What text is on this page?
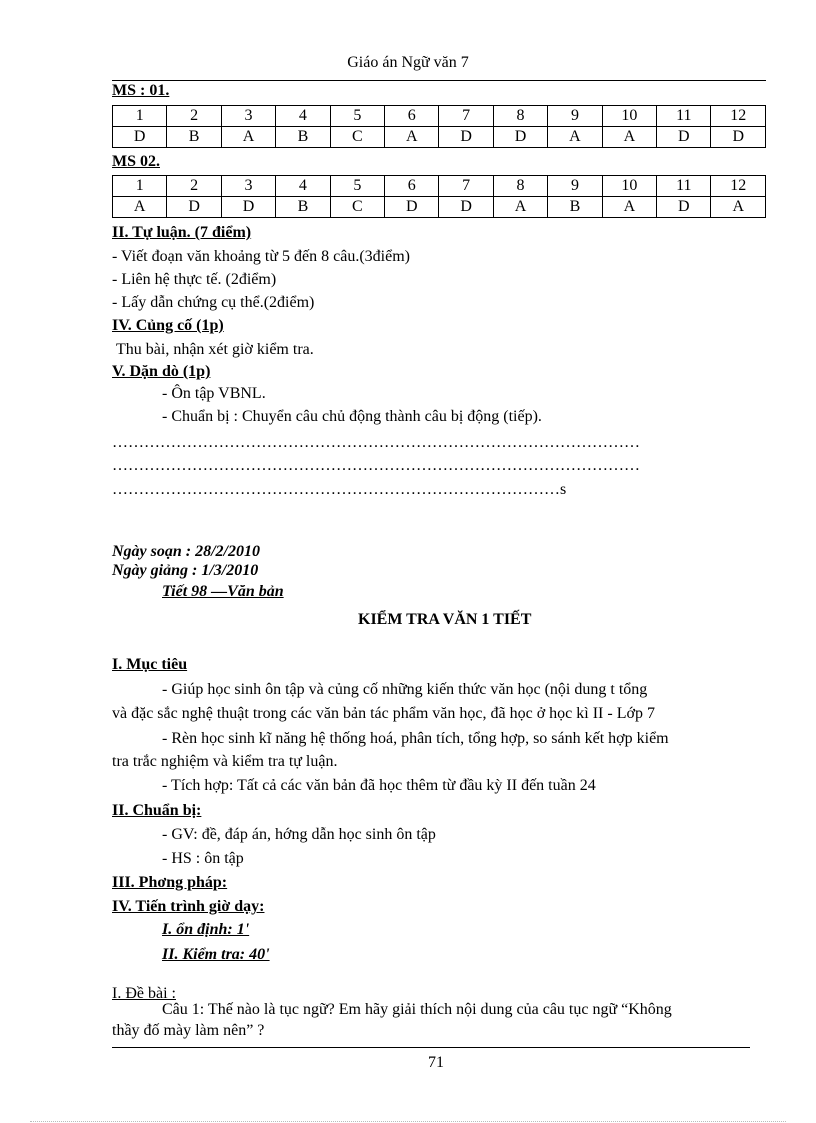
Giáo án Ngữ văn 7
MS : 01.
1	2	3	4	5	6	7	8	9	10	11	12
D	B	A	B	C	A	D	D	A	A	D	D
MS 02.
1	2	3	4	5	6	7	8	9	10	11	12
A	D	D	B	C	D	D	A	B	A	D	A
II. Tự luận. (7 điểm)
- Viết đoạn văn khoảng từ 5 đến 8 câu.(3điểm)
- Liên hệ thực tế. (2điểm)
- Lấy dẫn chứng cụ thể.(2điểm)
IV. Củng cố (1p)
Thu bài, nhận xét giờ kiểm tra.
V. Dặn dò (1p)
- Ôn tập VBNL.
- Chuẩn bị : Chuyển câu chủ động thành câu bị động (tiếp).
………………………………………………………………………………………
………………………………………………………………………………………
…………………………………………………………………………s
Ngày soạn : 28/2/2010
Ngày giảng : 1/3/2010
Tiết 98 —Văn bản
KIỂM TRA VĂN 1 TIẾT
I. Mục tiêu
- Giúp học sinh ôn tập và củng cố những kiến thức văn học (nội dung t tổng
và đặc sắc nghệ thuật trong các văn bản tác phẩm văn học, đã học ở học kì II - Lớp 7
- Rèn học sinh kĩ năng hệ thống hoá, phân tích, tổng hợp, so sánh kết hợp kiểm
tra trắc nghiệm và kiểm tra tự luận.
- Tích hợp: Tất cả các văn bản đã học thêm từ đầu kỳ II đến tuần 24
II. Chuẩn bị:
- GV: đề, đáp án, hớng dẫn học sinh ôn tập
- HS : ôn tập
III. Phơng pháp:
IV. Tiến trình giờ dạy:
I. ổn định: 1'
II. Kiểm tra: 40'
I. Đề bài :
Câu 1: Thế nào là tục ngữ? Em hãy giải thích nội dung của câu tục ngữ “Không
thầy đố mày làm nên” ?
71
